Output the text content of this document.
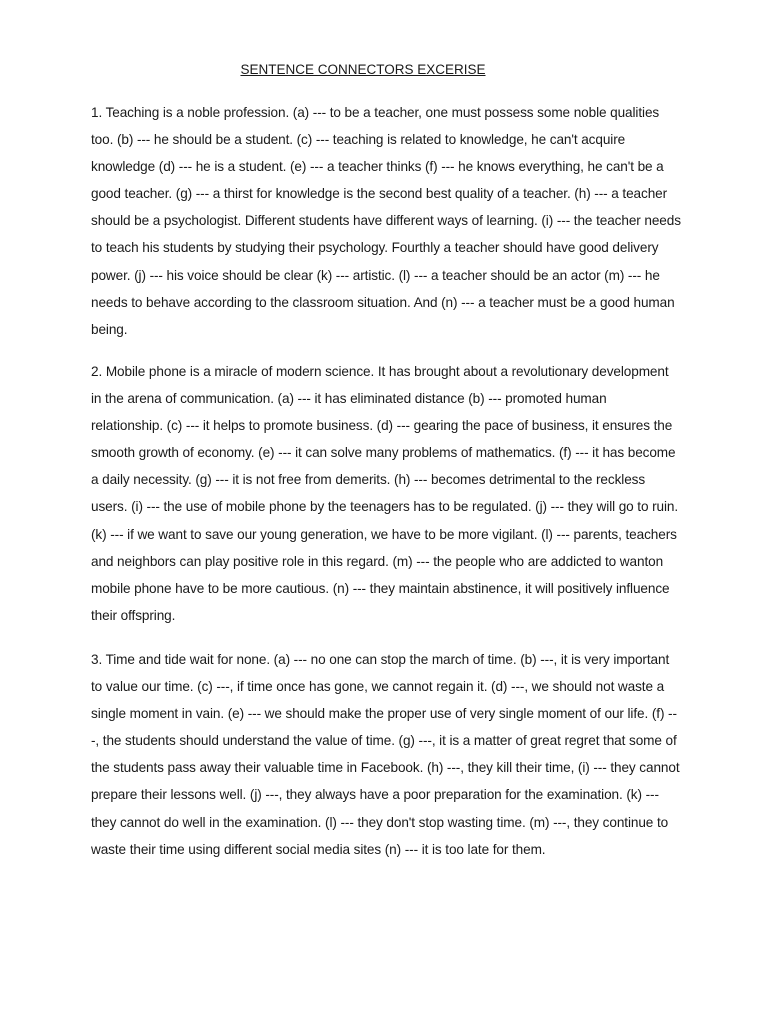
SENTENCE CONNECTORS EXCERISE

1. Teaching is a noble profession. (a) --- to be a teacher, one must possess some noble qualities too. (b) --- he should be a student. (c) --- teaching is related to knowledge, he can't acquire knowledge (d) --- he is a student. (e) --- a teacher thinks (f) --- he knows everything, he can't be a good teacher. (g) --- a thirst for knowledge is the second best quality of a teacher. (h) --- a teacher should be a psychologist. Different students have different ways of learning. (i) --- the teacher needs to teach his students by studying their psychology. Fourthly a teacher should have good delivery power. (j) --- his voice should be clear (k) --- artistic. (l) --- a teacher should be an actor (m) --- he needs to behave according to the classroom situation. And (n) --- a teacher must be a good human being.

2. Mobile phone is a miracle of modern science. It has brought about a revolutionary development in the arena of communication. (a) --- it has eliminated distance (b) --- promoted human relationship. (c) --- it helps to promote business. (d) --- gearing the pace of business, it ensures the smooth growth of economy. (e) --- it can solve many problems of mathematics. (f) --- it has become a daily necessity. (g) --- it is not free from demerits. (h) --- becomes detrimental to the reckless users. (i) --- the use of mobile phone by the teenagers has to be regulated. (j) --- they will go to ruin. (k) --- if we want to save our young generation, we have to be more vigilant. (l) --- parents, teachers and neighbors can play positive role in this regard. (m) --- the people who are addicted to wanton mobile phone have to be more cautious. (n) --- they maintain abstinence, it will positively influence their offspring.

3. Time and tide wait for none. (a) --- no one can stop the march of time. (b) ---, it is very important to value our time. (c) ---, if time once has gone, we cannot regain it. (d) ---, we should not waste a single moment in vain. (e) --- we should make the proper use of very single moment of our life. (f) ---, the students should understand the value of time. (g) ---, it is a matter of great regret that some of the students pass away their valuable time in Facebook. (h) ---, they kill their time, (i) --- they cannot prepare their lessons well. (j) ---, they always have a poor preparation for the examination. (k) --- they cannot do well in the examination. (l) --- they don't stop wasting time. (m) ---, they continue to waste their time using different social media sites (n) --- it is too late for them.
